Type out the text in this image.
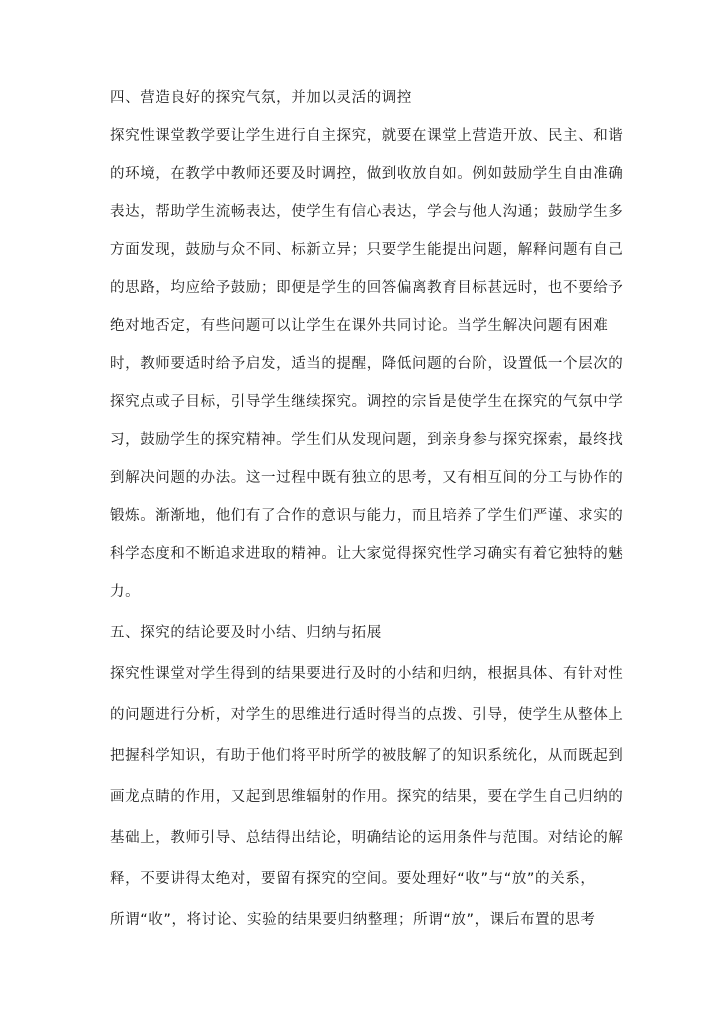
四、营造良好的探究气氛，并加以灵活的调控
探究性课堂教学要让学生进行自主探究，就要在课堂上营造开放、民主、和谐
的环境，在教学中教师还要及时调控，做到收放自如。例如鼓励学生自由准确
表达，帮助学生流畅表达，使学生有信心表达，学会与他人沟通；鼓励学生多
方面发现，鼓励与众不同、标新立异；只要学生能提出问题，解释问题有自己
的思路，均应给予鼓励；即便是学生的回答偏离教育目标甚远时，也不要给予
绝对地否定，有些问题可以让学生在课外共同讨论。当学生解决问题有困难
时，教师要适时给予启发，适当的提醒，降低问题的台阶，设置低一个层次的
探究点或子目标，引导学生继续探究。调控的宗旨是使学生在探究的气氛中学
习，鼓励学生的探究精神。学生们从发现问题，到亲身参与探究探索，最终找
到解决问题的办法。这一过程中既有独立的思考，又有相互间的分工与协作的
锻炼。渐渐地，他们有了合作的意识与能力，而且培养了学生们严谨、求实的
科学态度和不断追求进取的精神。让大家觉得探究性学习确实有着它独特的魅
力。
五、探究的结论要及时小结、归纳与拓展
探究性课堂对学生得到的结果要进行及时的小结和归纳，根据具体、有针对性
的问题进行分析，对学生的思维进行适时得当的点拨、引导，使学生从整体上
把握科学知识，有助于他们将平时所学的被肢解了的知识系统化，从而既起到
画龙点睛的作用，又起到思维辐射的作用。探究的结果，要在学生自己归纳的
基础上，教师引导、总结得出结论，明确结论的运用条件与范围。对结论的解
释，不要讲得太绝对，要留有探究的空间。要处理好“收”与“放”的关系，
所谓“收”，将讨论、实验的结果要归纳整理；所谓“放”，课后布置的思考
